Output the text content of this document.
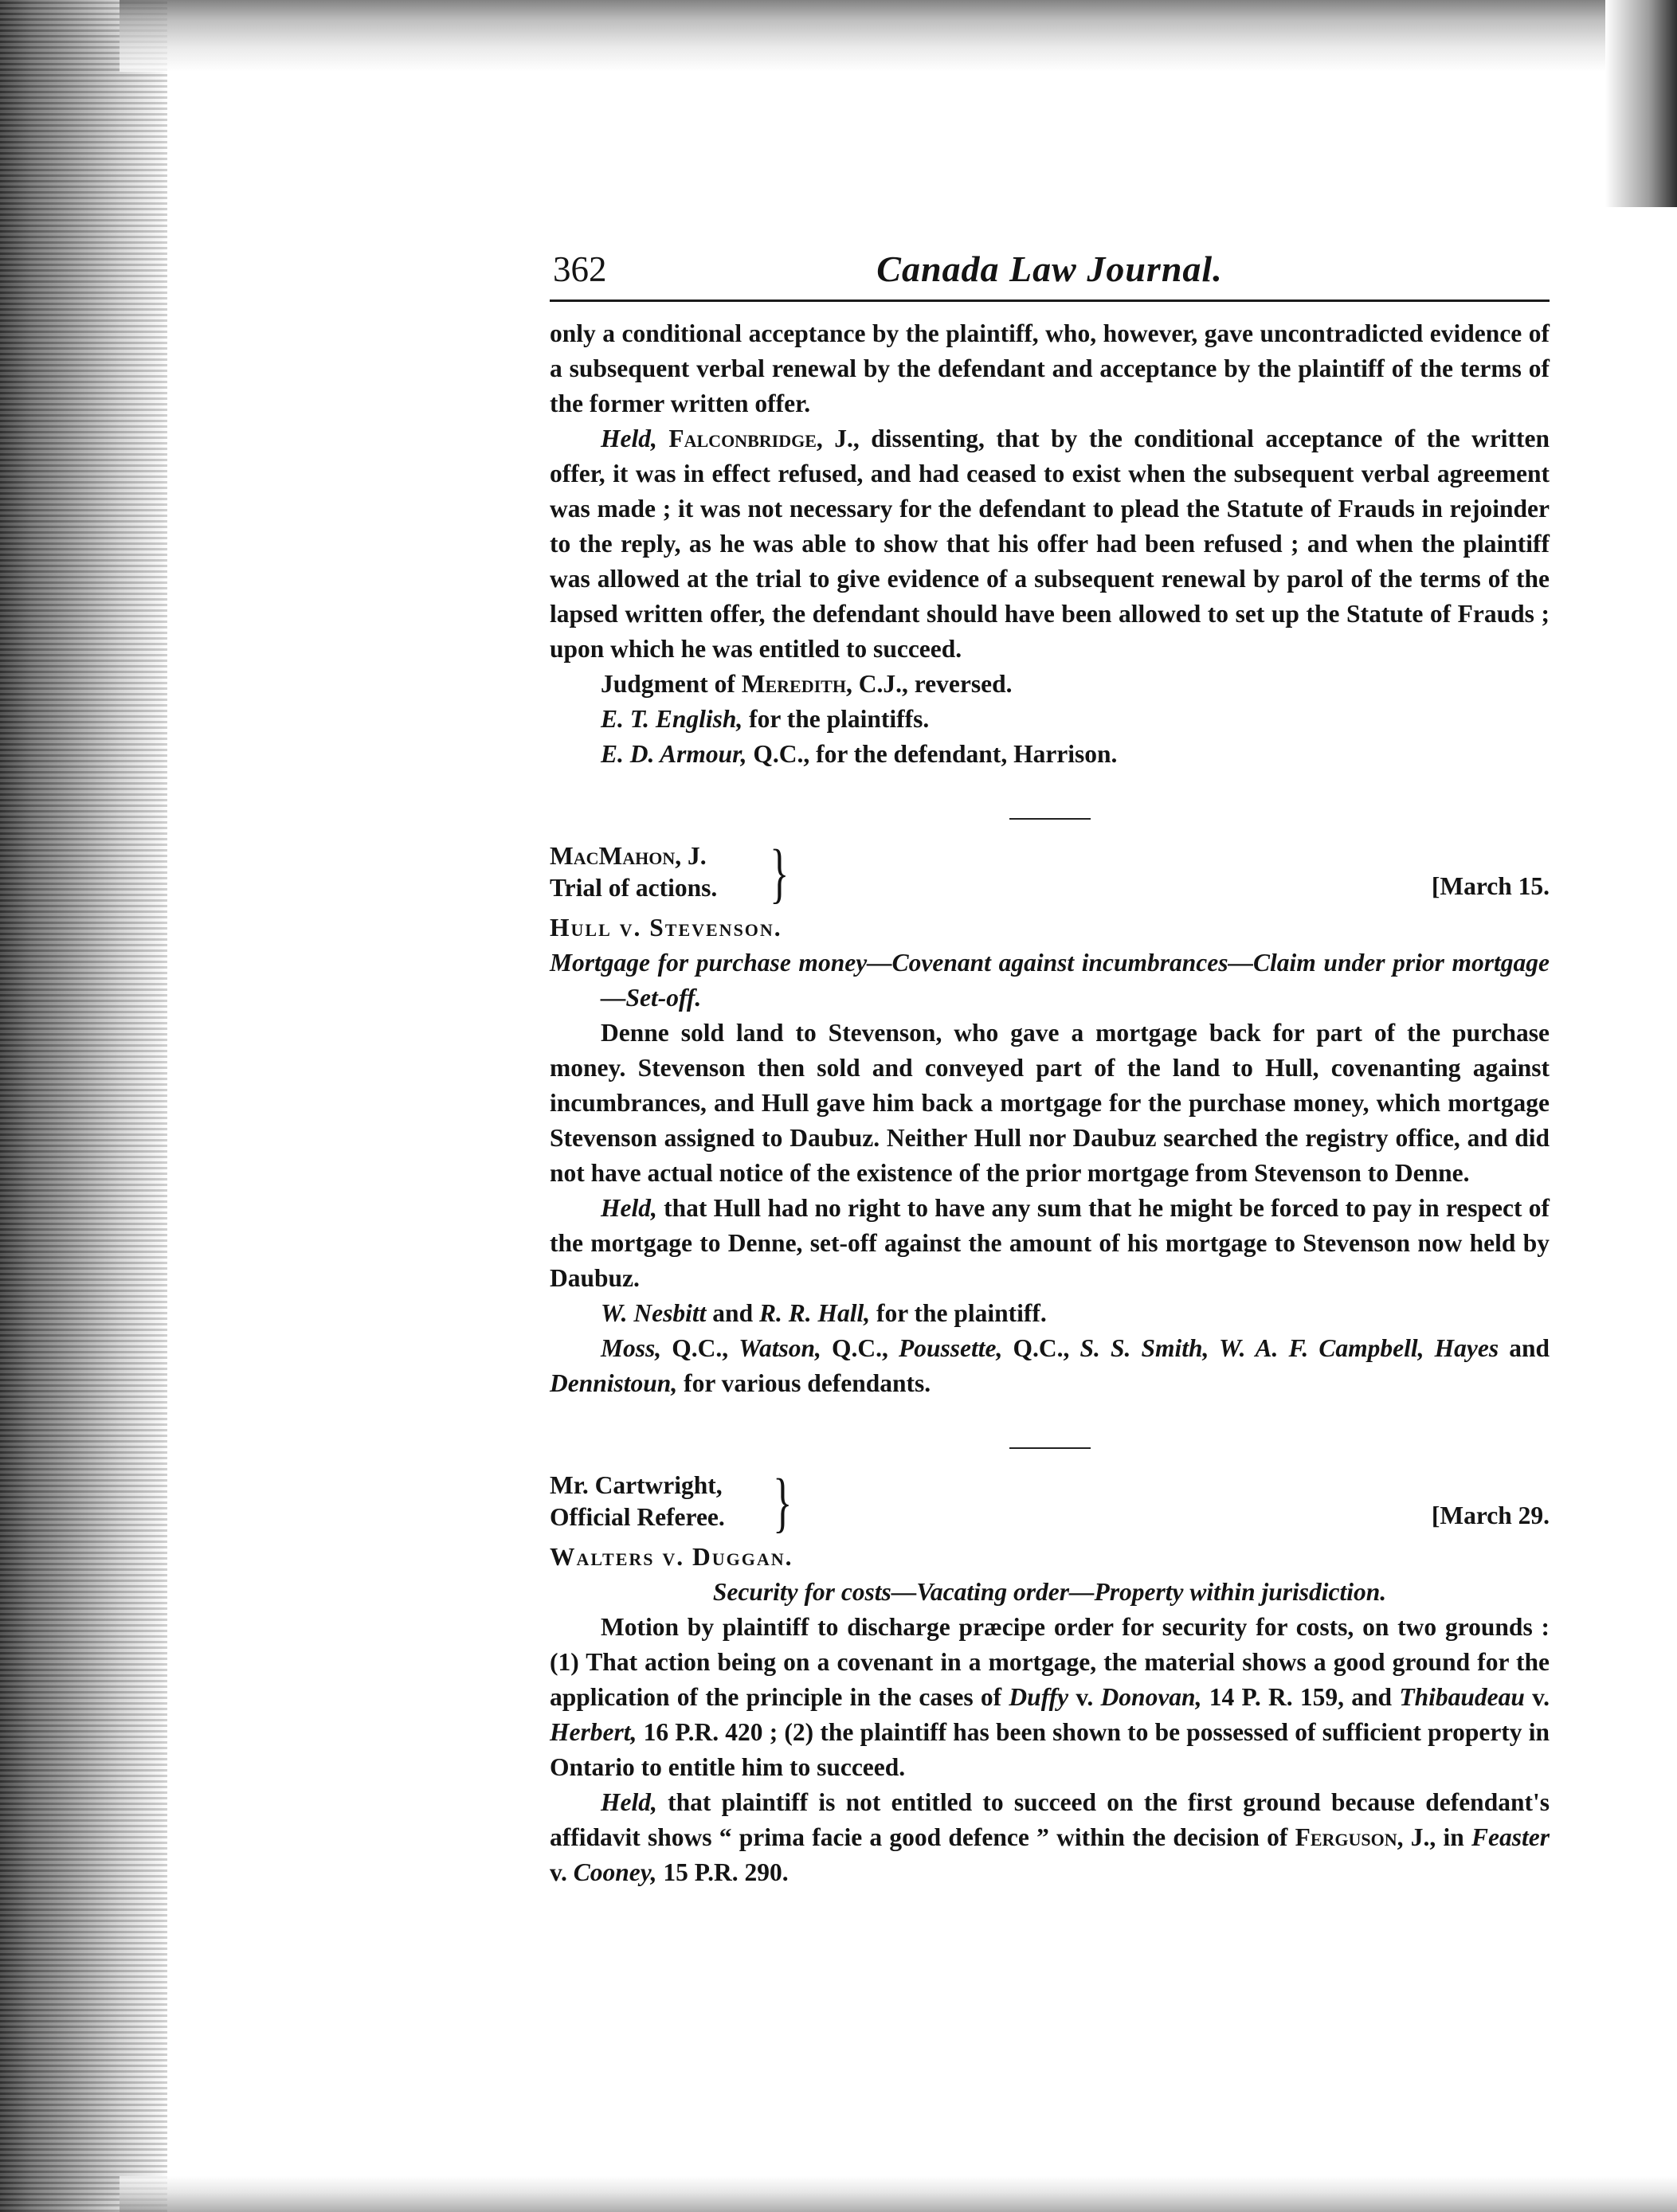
362	Canada Law Journal.

only a conditional acceptance by the plaintiff, who, however, gave uncontradicted evidence of a subsequent verbal renewal by the defendant and acceptance by the plaintiff of the terms of the former written offer.

Held, Falconbridge, J., dissenting, that by the conditional acceptance of the written offer, it was in effect refused, and had ceased to exist when the subsequent verbal agreement was made ; it was not necessary for the defendant to plead the Statute of Frauds in rejoinder to the reply, as he was able to show that his offer had been refused ; and when the plaintiff was allowed at the trial to give evidence of a subsequent renewal by parol of the terms of the lapsed written offer, the defendant should have been allowed to set up the Statute of Frauds ; upon which he was entitled to succeed.

Judgment of Meredith, C.J., reversed.

E. T. English, for the plaintiffs.

E. D. Armour, Q.C., for the defendant, Harrison.

MacMahon, J.
Trial of actions. }	[March 15.

Hull v. Stevenson.

Mortgage for purchase money—Covenant against incumbrances—Claim under prior mortgage—Set-off.

Denne sold land to Stevenson, who gave a mortgage back for part of the purchase money. Stevenson then sold and conveyed part of the land to Hull, covenanting against incumbrances, and Hull gave him back a mortgage for the purchase money, which mortgage Stevenson assigned to Daubuz. Neither Hull nor Daubuz searched the registry office, and did not have actual notice of the existence of the prior mortgage from Stevenson to Denne.

Held, that Hull had no right to have any sum that he might be forced to pay in respect of the mortgage to Denne, set-off against the amount of his mortgage to Stevenson now held by Daubuz.

W. Nesbitt and R. R. Hall, for the plaintiff.

Moss, Q.C., Watson, Q.C., Poussette, Q.C., S. S. Smith, W. A. F. Campbell, Hayes and Dennistoun, for various defendants.

Mr. Cartwright,
Official Referee. }	[March 29.

Walters v. Duggan.

Security for costs—Vacating order—Property within jurisdiction.

Motion by plaintiff to discharge præcipe order for security for costs, on two grounds : (1) That action being on a covenant in a mortgage, the material shows a good ground for the application of the principle in the cases of Duffy v. Donovan, 14 P. R. 159, and Thibaudeau v. Herbert, 16 P.R. 420 ; (2) the plaintiff has been shown to be possessed of sufficient property in Ontario to entitle him to succeed.

Held, that plaintiff is not entitled to succeed on the first ground because defendant's affidavit shows “ prima facie a good defence ” within the decision of Ferguson, J., in Feaster v. Cooney, 15 P.R. 290.
